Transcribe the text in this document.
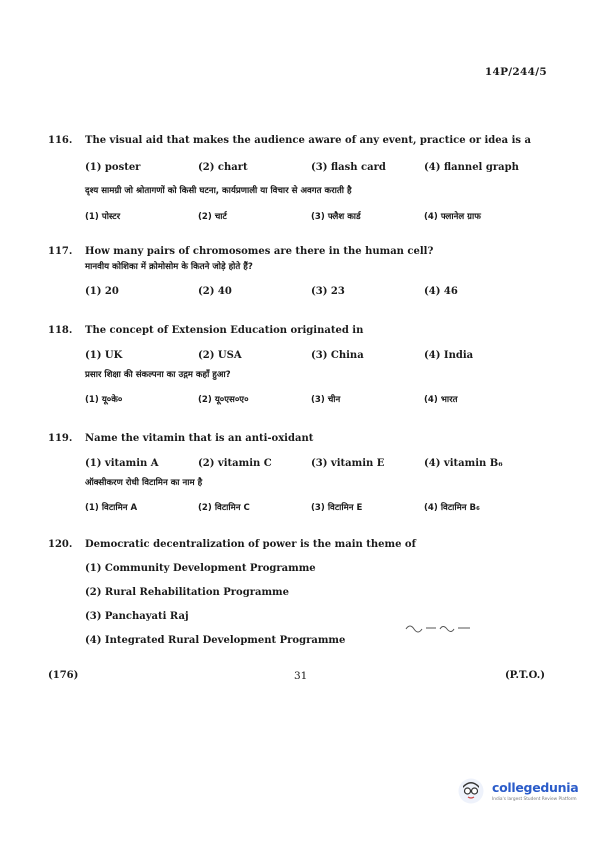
14P/244/5
116. The visual aid that makes the audience aware of any event, practice or idea is a
(1) poster	(2) chart	(3) flash card	(4) flannel graph
दृश्य सामग्री जो श्रोतागणों को किसी घटना, कार्यप्रणाली या विचार से अवगत कराती है
(1) पोस्टर	(2) चार्ट	(3) फ्लैश कार्ड	(4) फ्लानेल ग्राफ
117. How many pairs of chromosomes are there in the human cell?
मानवीय कोशिका में क्रोमोसोम के कितने जोड़े होते हैं?
(1) 20	(2) 40	(3) 23	(4) 46
118. The concept of Extension Education originated in
(1) UK	(2) USA	(3) China	(4) India
प्रसार शिक्षा की संकल्पना का उद्गम कहाँ हुआ?
(1) यू०के०	(2) यू०एस०ए०	(3) चीन	(4) भारत
119. Name the vitamin that is an anti-oxidant
(1) vitamin A	(2) vitamin C	(3) vitamin E	(4) vitamin B₆
ऑक्सीकरण रोधी विटामिन का नाम है
(1) विटामिन A	(2) विटामिन C	(3) विटामिन E	(4) विटामिन B₆
120. Democratic decentralization of power is the main theme of
(1) Community Development Programme
(2) Rural Rehabilitation Programme
(3) Panchayati Raj
(4) Integrated Rural Development Programme
(176)	31	(P.T.O.)
collegedunia
India's largest Student Review Platform
